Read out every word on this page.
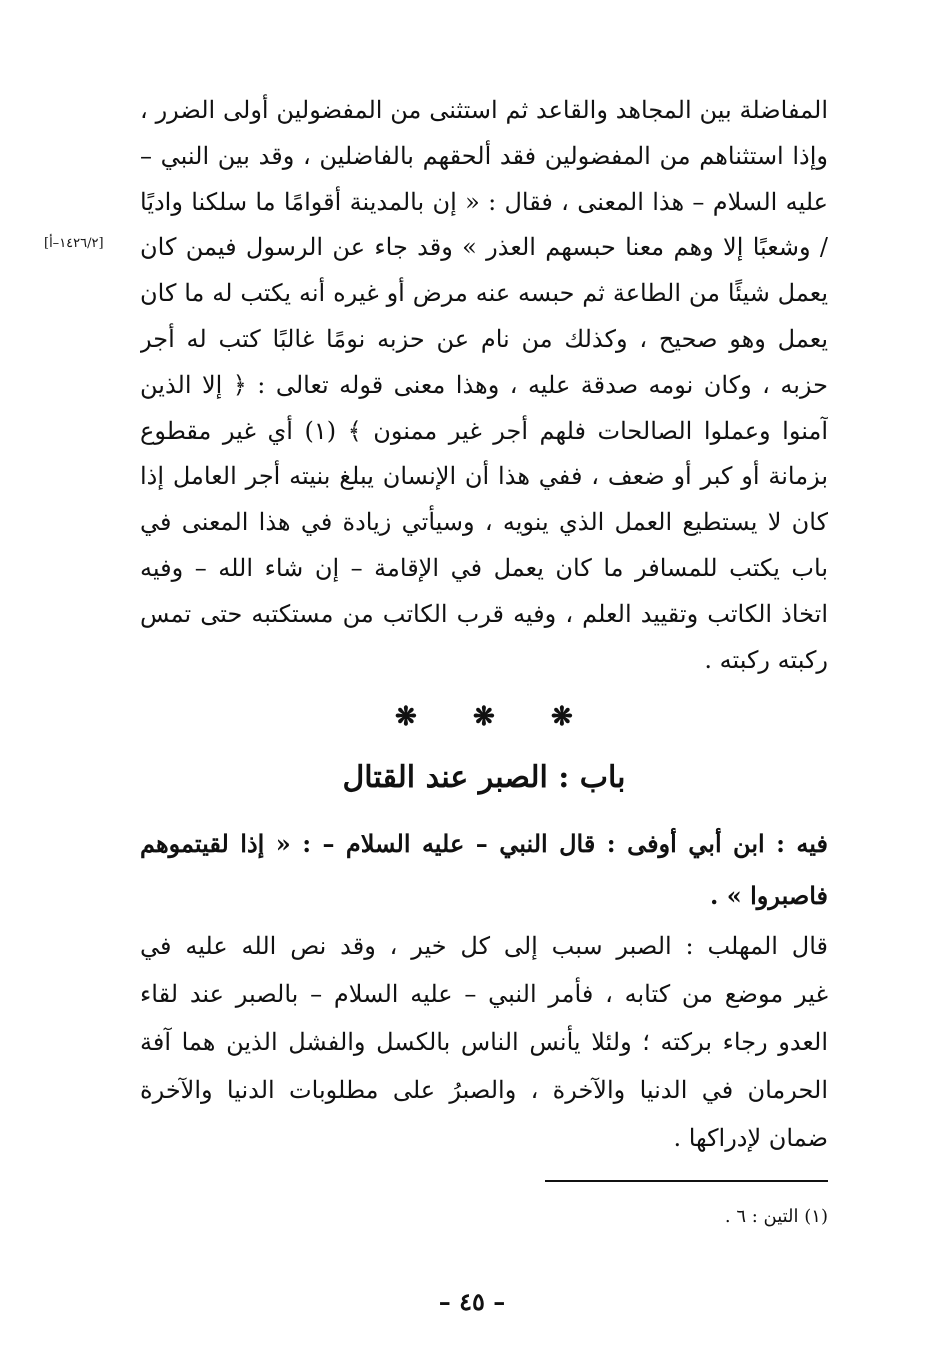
المفاضلة بين المجاهد والقاعد ثم استثنى من المفضولين أولى الضرر ،
وإذا استثناهم من المفضولين فقد ألحقهم بالفاضلين ، وقد بين النبي –
عليه السلام – هذا المعنى ، فقال : « إن بالمدينة أقوامًا ما سلكنا واديًا
/ وشعبًا إلا وهم معنا حبسهم العذر » وقد جاء عن الرسول فيمن كان
يعمل شيئًا من الطاعة ثم حبسه عنه مرض أو غيره أنه يكتب له ما كان
يعمل وهو صحيح ، وكذلك من نام عن حزبه نومًا غالبًا كتب له أجر
حزبه ، وكان نومه صدقة عليه ، وهذا معنى قوله تعالى : ﴿ إلا الذين
آمنوا وعملوا الصالحات فلهم أجر غير ممنون ﴾ (١) أي غير مقطوع
بزمانة أو كبر أو ضعف ، ففي هذا أن الإنسان يبلغ بنيته أجر العامل إذا
كان لا يستطيع العمل الذي ينويه ، وسيأتي زيادة في هذا المعنى في
باب يكتب للمسافر ما كان يعمل في الإقامة – إن شاء الله – وفيه
اتخاذ الكاتب وتقييد العلم ، وفيه قرب الكاتب من مستكتبه حتى تمس
ركبته ركبته .
[١٤٢٦/٢–أ]
❋ ❋ ❋
باب : الصبر عند القتال
فيه : ابن أبي أوفى : قال النبي – عليه السلام – : « إذا لقيتموهم
فاصبروا » .
قال المهلب : الصبر سبب إلى كل خير ، وقد نص الله عليه في
غير موضع من كتابه ، فأمر النبي – عليه السلام – بالصبر عند لقاء
العدو رجاء بركته ؛ ولئلا يأنس الناس بالكسل والفشل الذين هما آفة
الحرمان في الدنيا والآخرة ، والصبرُ على مطلوبات الدنيا والآخرة
ضمان لإدراكها .
(١) التين : ٦ .
– ٤٥ –
